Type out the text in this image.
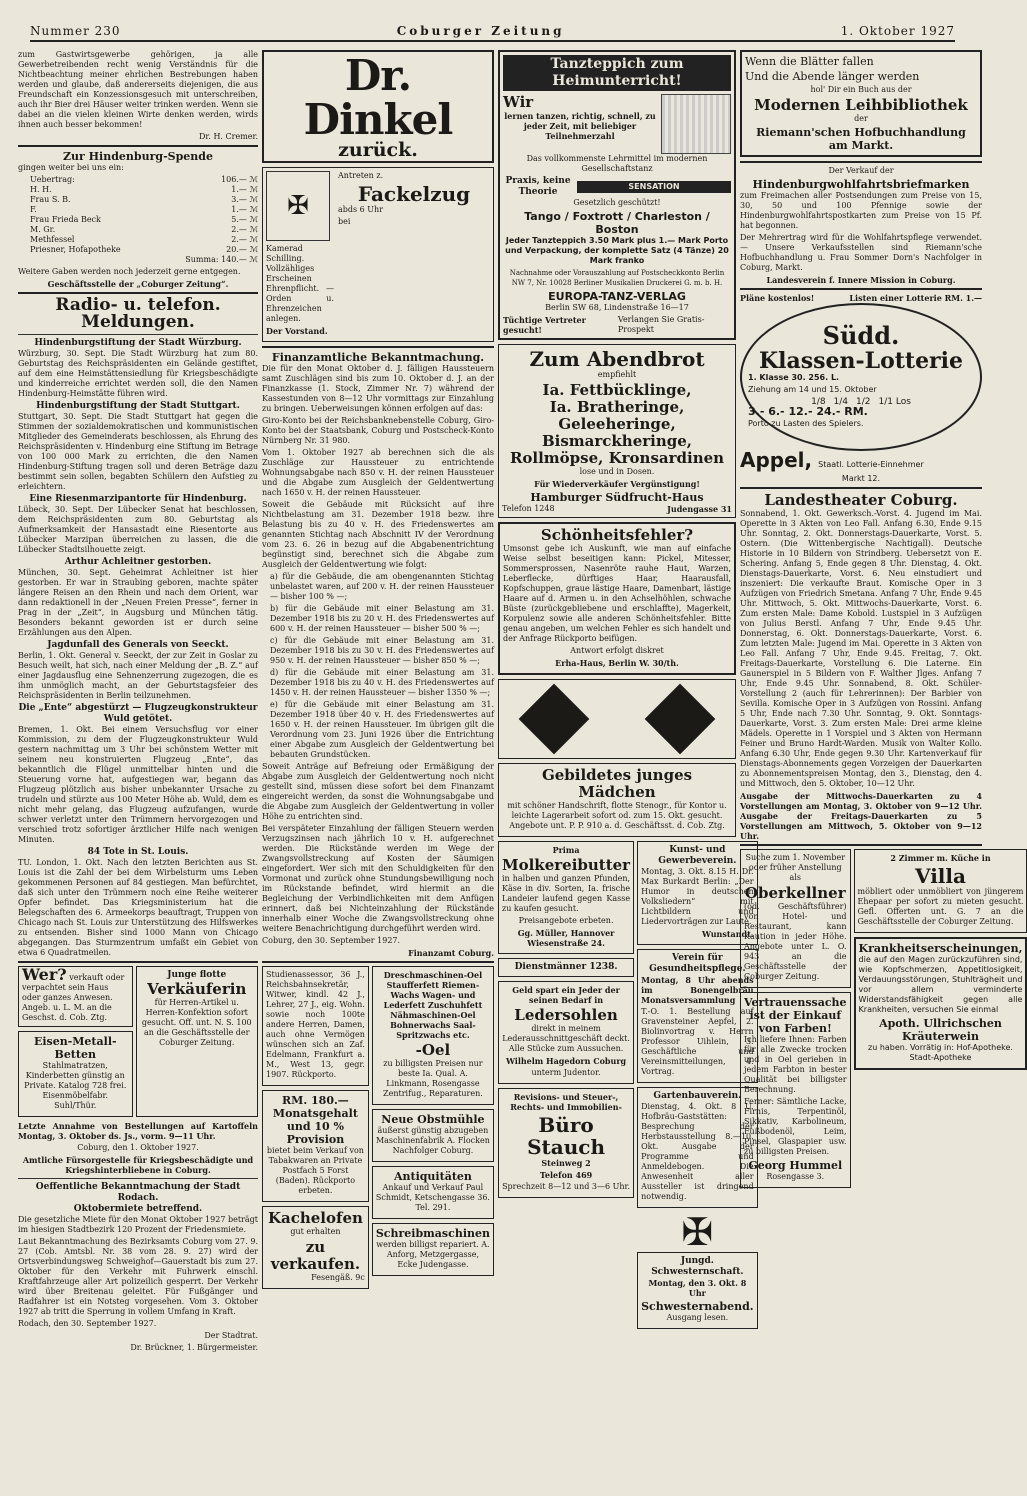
Nummer 230	Coburger Zeitung	1. Oktober 1927

zum Gastwirtsgewerbe gehörigen, ja alle Gewerbetreibenden recht wenig Verständnis für die Nichtbeachtung meiner ehrlichen Bestrebungen haben werden und glaube, daß andererseits diejenigen, die aus Freundschaft ein Konzessionsgesuch mit unterschreiben, auch ihr Bier drei Häuser weiter trinken werden. Wenn sie dabei an die vielen kleinen Wirte denken werden, wirds ihnen auch besser bekommen!

Dr. H. Cremer.

Zur Hindenburg-Spende

gingen weiter bei uns ein:

Uebertrag:	106.— ℳ
H. H.	1.— ℳ
Frau S. B.	3.— ℳ
F.	1.— ℳ
Frau Frieda Beck	5.— ℳ
M. Gr.	2.— ℳ
Methfessel	2.— ℳ
Priesner, Hofapotheke	20.— ℳ

Summa: 140.— ℳ

Weitere Gaben werden noch jederzeit gerne entgegen.

Geschäftsstelle der „Coburger Zeitung“.

Radio- u. telefon. Meldungen.
Hindenburgstiftung der Stadt Würzburg.

Würzburg, 30. Sept. Die Stadt Würzburg hat zum 80. Geburtstag des Reichspräsidenten ein Gelände gestiftet, auf dem eine Heimstättensiedlung für Kriegsbeschädigte und kinderreiche errichtet werden soll, die den Namen Hindenburg-Heimstätte führen wird.

Hindenburgstiftung der Stadt Stuttgart.

Stuttgart, 30. Sept. Die Stadt Stuttgart hat gegen die Stimmen der sozialdemokratischen und kommunistischen Mitglieder des Gemeinderats beschlossen, als Ehrung des Reichspräsidenten v. Hindenburg eine Stiftung im Betrage von 100 000 Mark zu errichten, die den Namen Hindenburg-Stiftung tragen soll und deren Beträge dazu bestimmt sein sollen, begabten Schülern den Aufstieg zu erleichtern.

Eine Riesenmarzipantorte für Hindenburg.

Lübeck, 30. Sept. Der Lübecker Senat hat beschlossen, dem Reichspräsidenten zum 80. Geburtstag als Aufmerksamkeit der Hansastadt eine Riesentorte aus Lübecker Marzipan überreichen zu lassen, die die Lübecker Stadtsilhouette zeigt.

Arthur Achleitner gestorben.

München, 30. Sept. Geheimrat Achleitner ist hier gestorben. Er war in Straubing geboren, machte später längere Reisen an den Rhein und nach dem Orient, war dann redaktionell in der „Neuen Freien Presse“, ferner in Prag in der „Zeit“, in Augsburg und München tätig. Besonders bekannt geworden ist er durch seine Erzählungen aus den Alpen.

Jagdunfall des Generals von Seeckt.

Berlin, 1. Okt. General v. Seeckt, der zur Zeit in Goslar zu Besuch weilt, hat sich, nach einer Meldung der „B. Z.“ auf einer Jagdausflug eine Sehnenzerrung zugezogen, die es ihm unmöglich macht, an der Geburtstagsfeier des Reichspräsidenten in Berlin teilzunehmen.

Die „Ente“ abgestürzt — Flugzeugkonstrukteur Wuld getötet.

Bremen, 1. Okt. Bei einem Versuchsflug vor einer Kommission, zu dem der Flugzeugkonstrukteur Wuld gestern nachmittag um 3 Uhr bei schönstem Wetter mit seinem neu konstruierten Flugzeug „Ente“, das bekanntlich die Flügel unmittelbar hinten und die Steuerung vorne hat, aufgestiegen war, begann das Flugzeug plötzlich aus bisher unbekannter Ursache zu trudeln und stürzte aus 100 Meter Höhe ab. Wuld, dem es nicht mehr gelang, das Flugzeug aufzufangen, wurde schwer verletzt unter den Trümmern hervorgezogen und verschied trotz sofortiger ärztlicher Hilfe nach wenigen Minuten.

84 Tote in St. Louis.

TU. London, 1. Okt. Nach den letzten Berichten aus St. Louis ist die Zahl der bei dem Wirbelsturm ums Leben gekommenen Personen auf 84 gestiegen. Man befürchtet, daß sich unter den Trümmern noch eine Reihe weiterer Opfer befindet. Das Kriegsministerium hat die Belegschaften des 6. Armeekorps beauftragt, Truppen von Chicago nach St. Louis zur Unterstützung des Hilfswerkes zu entsenden. Bisher sind 1000 Mann von Chicago abgegangen. Das Sturmzentrum umfaßt ein Gebiet von etwa 6 Quadratmeilen.

Wer? verkauft oder verpachtet sein Haus oder ganzes Anwesen. Angeb. u. L. M. an die Geschst. d. Cob. Ztg.
Eisen-Metall-Betten

Stahlmatratzen, Kinderbetten günstig an Private. Katalog 728 frei. Eisenmöbelfabr. Suhl/Thür.

Junge flotte
Verkäuferin

für Herren-Artikel u. Herren-Konfektion sofort gesucht. Off. unt. N. S. 100 an die Geschäftsstelle der Coburger Zeitung.

Letzte Annahme von Bestellungen auf Kartoffeln Montag, 3. Oktober ds. Js., vorm. 9—11 Uhr.

Coburg, den 1. Oktober 1927.

Amtliche Fürsorgestelle für Kriegsbeschädigte und Kriegshinterbliebene in Coburg.

Oeffentliche Bekanntmachung der Stadt Rodach.
Oktobermiete betreffend.

Die gesetzliche Miete für den Monat Oktober 1927 beträgt im hiesigen Stadtbezirk 120 Prozent der Friedensmiete.

Laut Bekanntmachung des Bezirksamts Coburg vom 27. 9. 27 (Cob. Amtsbl. Nr. 38 vom 28. 9. 27) wird der Ortsverbindungsweg Schweighof—Gauerstadt bis zum 27. Oktober für den Verkehr mit Fuhrwerk einschl. Kraftfahrzeuge aller Art polizeilich gesperrt. Der Verkehr wird über Breitenau geleitet. Für Fußgänger und Radfahrer ist ein Notsteg vorgesehen. Vom 3. Oktober 1927 ab tritt die Sperrung in vollem Umfang in Kraft.

Rodach, den 30. September 1927.

Der Stadtrat.

Dr. Brückner, 1. Bürgermeister.

Dr. Dinkel
zurück.
✠

Kamerad Schilling. Vollzähliges Erscheinen Ehrenpflicht. — Orden u. Ehrenzeichen anlegen.

Der Vorstand.

Antreten z.

Fackelzug

abds 6 Uhr

bei

Finanzamtliche Bekanntmachung.

Die für den Monat Oktober d. J. fälligen Haussteuern samt Zuschlägen sind bis zum 10. Oktober d. J. an der Finanzkasse (1. Stock, Zimmer Nr. 7) während der Kassestunden von 8—12 Uhr vormittags zur Einzahlung zu bringen. Ueberweisungen können erfolgen auf das:

Giro-Konto bei der Reichsbanknebenstelle Coburg, Giro-Konto bei der Staatsbank, Coburg und Postscheck-Konto Nürnberg Nr. 31 980.

Vom 1. Oktober 1927 ab berechnen sich die als Zuschläge zur Haussteuer zu entrichtende Wohnungsabgabe nach 850 v. H. der reinen Haussteuer und die Abgabe zum Ausgleich der Geldentwertung nach 1650 v. H. der reinen Haussteuer.

Soweit die Gebäude mit Rücksicht auf ihre Nichtbelastung am 31. Dezember 1918 bezw. ihre Belastung bis zu 40 v. H. des Friedenswertes am genannten Stichtag nach Abschnitt IV der Verordnung vom 23. 6. 26 in bezug auf die Abgabenentrichtung begünstigt sind, berechnet sich die Abgabe zum Ausgleich der Geldentwertung wie folgt:

a) für die Gebäude, die am obengenannten Stichtag unbelastet waren, auf 200 v. H. der reinen Haussteuer — bisher 100 % —;

b) für die Gebäude mit einer Belastung am 31. Dezember 1918 bis zu 20 v. H. des Friedenswertes auf 600 v. H. der reinen Haussteuer — bisher 500 % —;

c) für die Gebäude mit einer Belastung am 31. Dezember 1918 bis zu 30 v. H. des Friedenswertes auf 950 v. H. der reinen Haussteuer — bisher 850 % —;

d) für die Gebäude mit einer Belastung am 31. Dezember 1918 bis zu 40 v. H. des Friedenswertes auf 1450 v. H. der reinen Haussteuer — bisher 1350 % —;

e) für die Gebäude mit einer Belastung am 31. Dezember 1918 über 40 v. H. des Friedenswertes auf 1650 v. H. der reinen Haussteuer. Im übrigen gilt die Verordnung vom 23. Juni 1926 über die Entrichtung einer Abgabe zum Ausgleich der Geldentwertung bei bebauten Grundstücken.

Soweit Anträge auf Befreiung oder Ermäßigung der Abgabe zum Ausgleich der Geldentwertung noch nicht gestellt sind, müssen diese sofort bei dem Finanzamt eingereicht werden, da sonst die Wohnungsabgabe und die Abgabe zum Ausgleich der Geldentwertung in voller Höhe zu entrichten sind.

Bei verspäteter Einzahlung der fälligen Steuern werden Verzugszinsen nach jährlich 10 v. H. aufgerechnet werden. Die Rückstände werden im Wege der Zwangsvollstreckung auf Kosten der Säumigen eingefordert. Wer sich mit den Schuldigkeiten für den Vormonat und zurück ohne Stundungsbewilligung noch im Rückstande befindet, wird hiermit an die Begleichung der Verbindlichkeiten mit dem Anfügen erinnert, daß bei Nichteinzahlung der Rückstände innerhalb einer Woche die Zwangsvollstreckung ohne weitere Benachrichtigung durchgeführt werden wird.

Coburg, den 30. September 1927.

Finanzamt Coburg.

Studienassessor, 36 J., Reichsbahnsekretär, Witwer, kindl. 42 J., Lehrer, 27 J., eig. Wohn. sowie noch 100te andere Herren, Damen, auch ohne Vermögen wünschen sich an Zaf. Edelmann, Frankfurt a. M., West 13, gegr. 1907. Rückporto.

RM. 180.— Monatsgehalt und 10 % Provision

bietet beim Verkauf von Tabakwaren an Private Postfach 5 Forst (Baden). Rückporto erbeten.

Kachelofen

gut erhalten

zu verkaufen.

Fesengäß. 9c

Dreschmaschinen-Oel Staufferfett Riemen-Wachs Wagen- und Lederfett Zuschuhfett Nähmaschinen-Oel Bohnerwachs Saal-Spritzwachs etc.

-Oel

zu billigsten Preisen nur beste Ia. Qual. A. Linkmann, Rosengasse Zentrifug., Reparaturen.

Neue Obstmühle

äußerst günstig abzugeben Maschinenfabrik A. Flocken Nachfolger Coburg.

Antiquitäten

Ankauf und Verkauf Paul Schmidt, Ketschengasse 36. Tel. 291.

Schreibmaschinen

werden billigst repariert. A. Anforg, Metzgergasse, Ecke Judengasse.

Tanzteppich zum Heimunterricht!
Wir

lernen tanzen, richtig, schnell, zu jeder Zeit, mit beliebiger Teilnehmerzahl

Das vollkommenste Lehrmittel im modernen Gesellschaftstanz

Praxis, keine Theorie
SENSATION

Gesetzlich geschützt!

Tango / Foxtrott / Charleston / Boston

Jeder Tanzteppich 3.50 Mark plus 1.— Mark Porto und Verpackung, der komplette Satz (4 Tänze) 20 Mark franko

Nachnahme oder Vorauszahlung auf Postscheckkonto Berlin NW 7, Nr. 10028 Berliner Musikalien Druckerei G. m. b. H.

EUROPA-TANZ-VERLAG

Berlin SW 68, Lindenstraße 16—17

Tüchtige Vertreter gesucht!
Verlangen Sie Gratis-Prospekt
Zum Abendbrot

empfiehlt

Ia. Fettbücklinge,
Ia. Bratheringe, Geleeheringe,
Bismarckheringe,
Rollmöpse, Kronsardinen

lose und in Dosen.

Für Wiederverkäufer Vergünstigung!

Hamburger Südfrucht-Haus
Telefon 1248	Judengasse 31
Schönheitsfehler?

Umsonst gebe ich Auskunft, wie man auf einfache Weise selbst beseitigen kann: Pickel, Mitesser, Sommersprossen, Nasenröte rauhe Haut, Warzen, Leberflecke, dürftiges Haar, Haarausfall, Kopfschuppen, graue lästige Haare, Damenbart, lästige Haare auf d. Armen u. in den Achselhöhlen, schwache Büste (zurückgebliebene und erschlaffte), Magerkeit, Korpulenz sowie alle anderen Schönheitsfehler. Bitte genau angeben, um welchen Fehler es sich handelt und der Anfrage Rückporto beifügen.

Antwort erfolgt diskret

Erha-Haus, Berlin W. 30/th.

Gebildetes junges
Mädchen

mit schöner Handschrift, flotte Stenogr., für Kontor u. leichte Lagerarbeit sofort od. zum 15. Okt. gesucht. Angebote unt. P. P. 910 a. d. Geschäftsst. d. Cob. Ztg.

Prima

Molkereibutter

in halben und ganzen Pfunden, Käse in div. Sorten, Ia. frische Landeier laufend gegen Kasse zu kaufen gesucht.

Preisangebote erbeten.

Gg. Müller, Hannover Wiesenstraße 24.

Dienstmänner 1238.

Geld spart ein Jeder der seinen Bedarf in

Ledersohlen

direkt in meinem Lederausschnittgeschäft deckt. Alle Stücke zum Aussuchen.

Wilhelm Hagedorn Coburg

unterm Judentor.

Revisions- und Steuer-, Rechts- und Immobilien-

Büro Stauch

Steinweg 2

Telefon 469

Sprechzeit 8—12 und 3—6 Uhr.

Kunst- und Gewerbeverein.

Montag, 3. Okt. 8.15 H. Dr. Max Burkardt Berlin: „Der Humor in deutschen Volksliedern“ mit Lichtbildern und Liedervorträgen zur Laute.

Wunstandt.

Verein für Gesundheitspflege.

Montag, 8 Uhr abends im Bonengelbräu Monatsversammlung

T.-O. 1. Bestellung auf Gravensteiner Aepfel, 2. Biolinvortrag v. Herrn Professor Uihlein, 3. Geschäftliche und Vereinsmitteilungen, 4. Vortrag.

Gartenbauverein.

Dienstag, 4. Okt. 8 U. Hofbräu-Gaststätten: Besprechung der Herbstausstellung 8.—10. Okt. Ausgabe der Programme und Anmeldebogen. Die Anwesenheit aller Aussteller ist dringend notwendig.

✠
Jungd. Schwesternschaft.

Montag, den 3. Okt. 8 Uhr

Schwesternabend.

Ausgang lesen.

Wenn die Blätter fallen

Und die Abende länger werden

hol' Dir ein Buch aus der

Modernen Leihbibliothek

der

Riemann'schen Hofbuchhandlung am Markt.

Der Verkauf der

Hindenburgwohlfahrtsbriefmarken

zum Freimachen aller Postsendungen zum Preise von 15, 30, 50 und 100 Pfennige sowie der Hindenburgwohlfahrtspostkarten zum Preise von 15 Pf. hat begonnen.

Der Mehrertrag wird für die Wohlfahrtspflege verwendet. — Unsere Verkaufsstellen sind Riemann'sche Hofbuchhandlung u. Frau Sommer Dorn's Nachfolger in Coburg, Markt.

Landesverein f. Innere Mission in Coburg.

Pläne kostenlos!	Listen einer Lotterie RM. 1.—
Südd.
Klassen-Lotterie

1. Klasse 30. 256. L.

Ziehung am 14 und 15. Oktober

1/8 1/4 1/2 1/1 Los

3.- 6.- 12.- 24.- RM.

Porto zu Lasten des Spielers.

Appel, Staatl. Lotterie-Einnehmer

Markt 12.

Landestheater Coburg.

Sonnabend, 1. Okt. Gewerksch.-Vorst. 4. Jugend im Mai. Operette in 3 Akten von Leo Fall. Anfang 6.30, Ende 9.15 Uhr. Sonntag, 2. Okt. Donnerstags-Dauerkarte, Vorst. 5. Ostern. (Die Wittenbergische Nachtigall). Deutsche Historie in 10 Bildern von Strindberg. Uebersetzt von E. Schering. Anfang 5, Ende gegen 8 Uhr. Dienstag, 4. Okt. Dienstags-Dauerkarte, Vorst. 6. Neu einstudiert und inszeniert: Die verkaufte Braut. Komische Oper in 3 Aufzügen von Friedrich Smetana. Anfang 7 Uhr, Ende 9.45 Uhr. Mittwoch, 5. Okt. Mittwochs-Dauerkarte, Vorst. 6. Zum ersten Male: Dame Kobold. Lustspiel in 3 Aufzügen von Julius Berstl. Anfang 7 Uhr, Ende 9.45 Uhr. Donnerstag, 6. Okt. Donnerstags-Dauerkarte, Vorst. 6. Zum letzten Male: Jugend im Mai. Operette in 3 Akten von Leo Fall. Anfang 7 Uhr, Ende 9.45. Freitag, 7. Okt. Freitags-Dauerkarte, Vorstellung 6. Die Laterne. Ein Gaunerspiel in 5 Bildern von F. Walther Jlges. Anfang 7 Uhr, Ende 9.45 Uhr. Sonnabend, 8. Okt. Schüler-Vorstellung 2 (auch für Lehrerinnen): Der Barbier von Sevilla. Komische Oper in 3 Aufzügen von Rossini. Anfang 5 Uhr, Ende nach 7.30 Uhr. Sonntag, 9. Okt. Sonntags-Dauerkarte, Vorst. 3. Zum ersten Male: Drei arme kleine Mädels. Operette in 1 Vorspiel und 3 Akten von Hermann Feiner und Bruno Hardt-Warden. Musik von Walter Kollo. Anfang 6.30 Uhr, Ende gegen 9.30 Uhr. Kartenverkauf für Dienstags-Abonnements gegen Vorzeigen der Dauerkarten zu Abonnementspreisen Montag, den 3., Dienstag, den 4. und Mittwoch, den 5. Oktober, 10—12 Uhr.

Ausgabe der Mittwochs-Dauerkarten zu 4 Vorstellungen am Montag, 3. Oktober von 9—12 Uhr. Ausgabe der Freitags-Dauerkarten zu 5 Vorstellungen am Mittwoch, 5. Oktober von 9—12 Uhr.

Suche zum 1. November oder früher Anstellung als

Oberkellner

(od. Geschäftsführer) von Hotel- und Restaurant, kann Kaution in jeder Höhe. Angebote unter L. O. 943 an die Geschäftsstelle der Coburger Zeitung.

Vertrauenssache ist der Einkauf von Farben!

Ich liefere Ihnen: Farben für alle Zwecke trocken und in Oel gerieben in jedem Farbton in bester Qualität bei billigster Berechnung.

Ferner: Sämtliche Lacke, Firnis, Terpentinöl, Sikkativ, Karbolineum, Fußbodenöl, Leim, Pinsel, Glaspapier usw. zu billigsten Preisen.

Georg Hummel

Rosengasse 3.

2 Zimmer m. Küche in

Villa

möbliert oder unmöbliert von jüngerem Ehepaar per sofort zu mieten gesucht. Gefl. Offerten unt. G. 7 an die Geschäftsstelle der Coburger Zeitung.

Krankheitserscheinungen,

die auf den Magen zurückzuführen sind, wie Kopfschmerzen, Appetitlosigkeit, Verdauungsstörungen, Stuhlträgheit und vor allem verminderte Widerstandsfähigkeit gegen alle Krankheiten, versuchen Sie einmal

Apoth. Ullrichschen Kräuterwein

zu haben. Vorrätig in: Hof-Apotheke. Stadt-Apotheke
